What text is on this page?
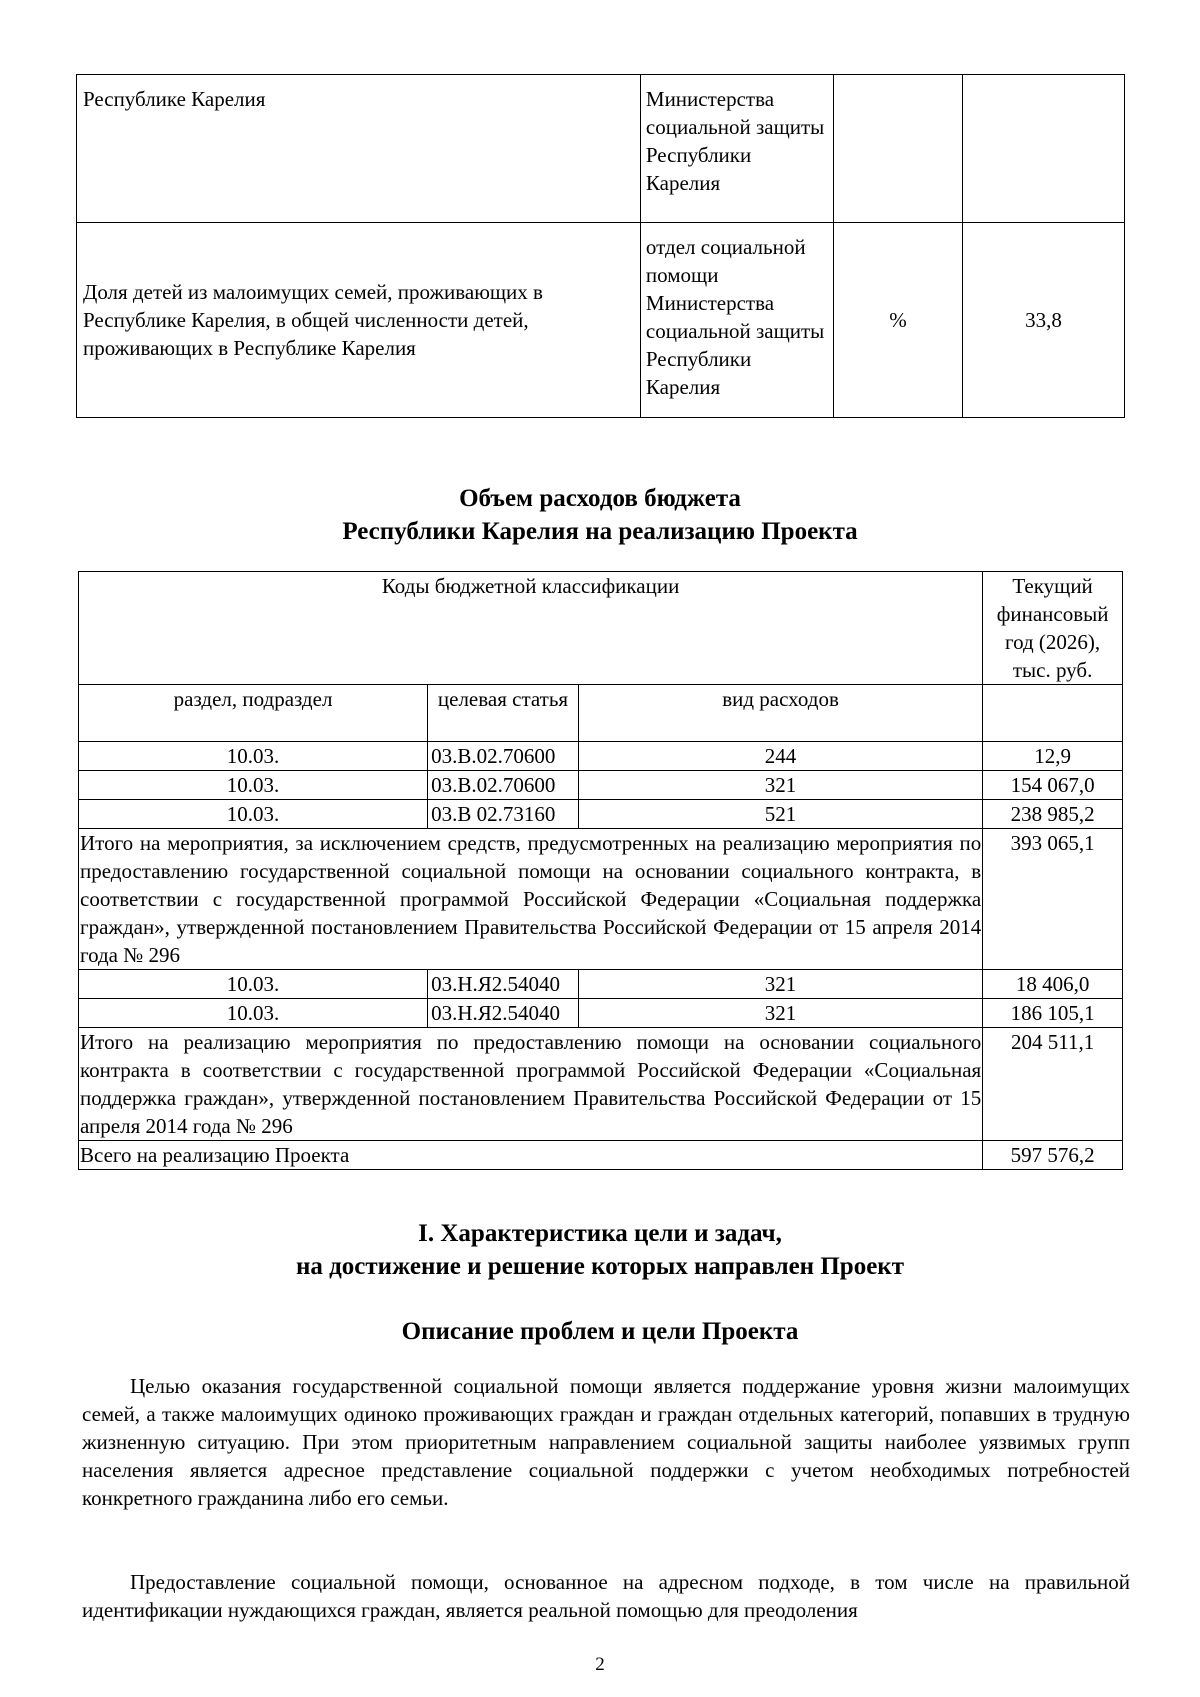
Республике Карелия	Министерства социальной защиты Республики Карелия		
Доля детей из малоимущих семей, проживающих в Республике Карелия, в общей численности детей, проживающих в Республике Карелия	отдел социальной помощи Министерства социальной защиты Республики Карелия	%	33,8
Объем расходов бюджета
Республики Карелия на реализацию Проекта
Коды бюджетной классификации			Текущий финансовый год (2026), тыс. руб.
раздел, подраздел	целевая статья	вид расходов	
10.03.	03.В.02.70600	244	12,9
10.03.	03.В.02.70600	321	154 067,0
10.03.	03.В 02.73160	521	238 985,2
Итого на мероприятия, за исключением средств, предусмотренных на реализацию мероприятия по предоставлению государственной социальной помощи на основании социального контракта, в соответствии с государственной программой Российской Федерации «Социальная поддержка граждан», утвержденной постановлением Правительства Российской Федерации от 15 апреля 2014 года № 296			393 065,1
10.03.	03.Н.Я2.54040	321	18 406,0
10.03.	03.Н.Я2.54040	321	186 105,1
Итого на реализацию мероприятия по предоставлению помощи на основании социального контракта в соответствии с государственной программой Российской Федерации «Социальная поддержка граждан», утвержденной постановлением Правительства Российской Федерации от 15 апреля 2014 года № 296			204 511,1
Всего на реализацию Проекта			597 576,2
I. Характеристика цели и задач,
на достижение и решение которых направлен Проект
Описание проблем и цели Проекта

Целью оказания государственной социальной помощи является поддержание уровня жизни малоимущих семей, а также малоимущих одиноко проживающих граждан и граждан отдельных категорий, попавших в трудную жизненную ситуацию. При этом приоритетным направлением социальной защиты наиболее уязвимых групп населения является адресное представление социальной поддержки с учетом необходимых потребностей конкретного гражданина либо его семьи.

Предоставление социальной помощи, основанное на адресном подходе, в том числе на правильной идентификации нуждающихся граждан, является реальной помощью для преодоления

2
